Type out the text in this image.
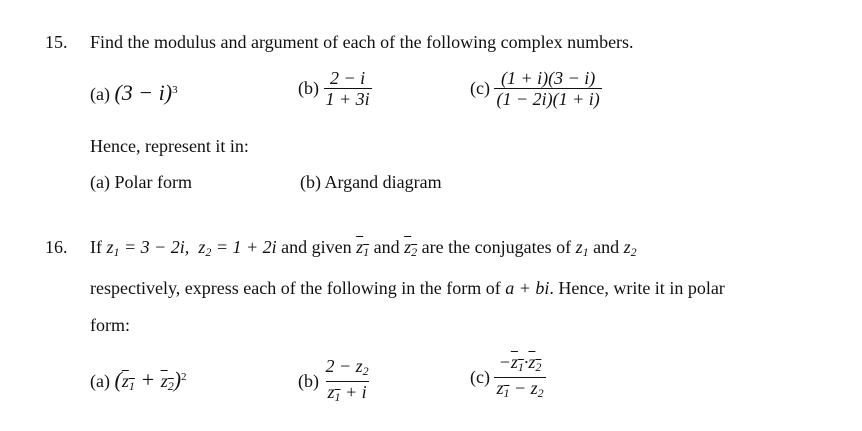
15. Find the modulus and argument of each of the following complex numbers.
(a) $(3 - i)^3$	$(b) \frac{2 - i}{1 + 3i}$	$(c) \frac{(1 + i)(3 - i)}{(1 - 2i)(1 + i)}$
Hence, represent it in:
(a) Polar form	(b) Argand diagram
16. If $z_1 = 3 - 2i$, $z_2 = 1 + 2i$ and given $z_1$ and $z_2$ are the conjugates of $z_1$ and $z_2$
respectively, express each of the following in the form of a + bi. Hence, write it in polar
form:
(a) $(z_1 + z_2)^2$	$(b) \frac{2 - z_2}{z_1 + i}$	$(c) \frac{-z_1\cdot z_2}{z_1 - z_2}$
